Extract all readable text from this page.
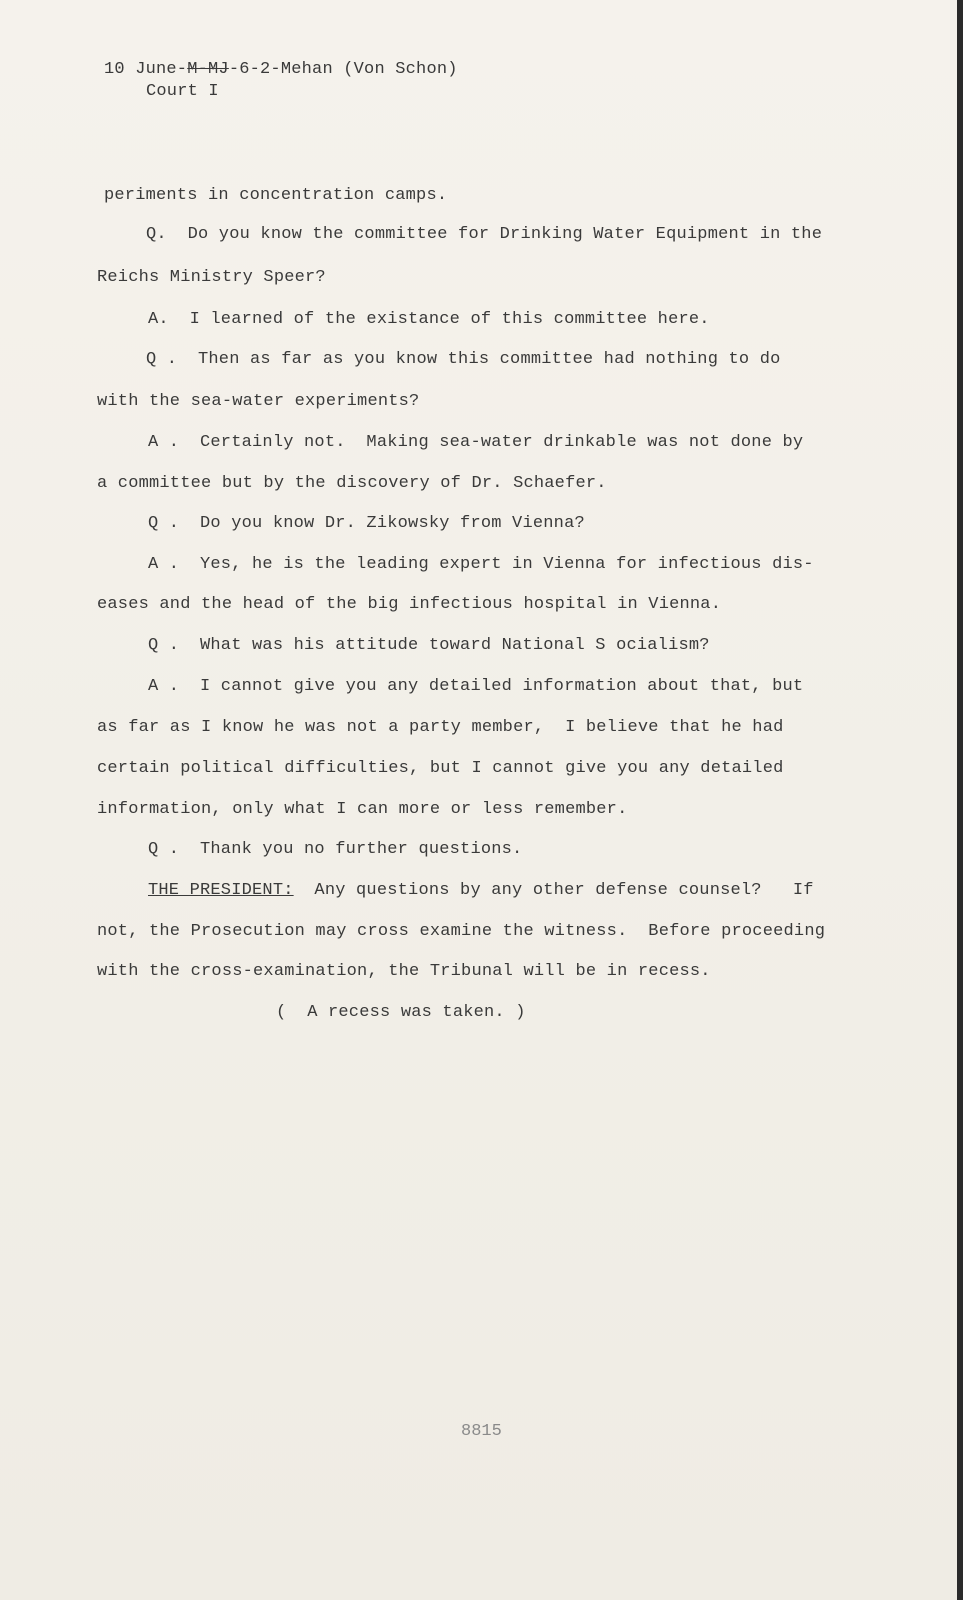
10 June-M-MJ-6-2-Mehan (Von Schon)
Court I
periments in concentration camps.
Q.  Do you know the committee for Drinking Water Equipment in the
Reichs Ministry Speer?
A.  I learned of the existance of this committee here.
Q .  Then as far as you know this committee had nothing to do
with the sea-water experiments?
A .  Certainly not.  Making sea-water drinkable was not done by
a committee but by the discovery of Dr. Schaefer.
Q .  Do you know Dr. Zikowsky from Vienna?
A .  Yes, he is the leading expert in Vienna for infectious dis-
eases and the head of the big infectious hospital in Vienna.
Q .  What was his attitude toward National S ocialism?
A .  I cannot give you any detailed information about that, but
as far as I know he was not a party member,  I believe that he had
certain political difficulties, but I cannot give you any detailed
information, only what I can more or less remember.
Q .  Thank you no further questions.
THE PRESIDENT:  Any questions by any other defense counsel?   If
not, the Prosecution may cross examine the witness.  Before proceeding
with the cross-examination, the Tribunal will be in recess.
(  A recess was taken. )
8815
